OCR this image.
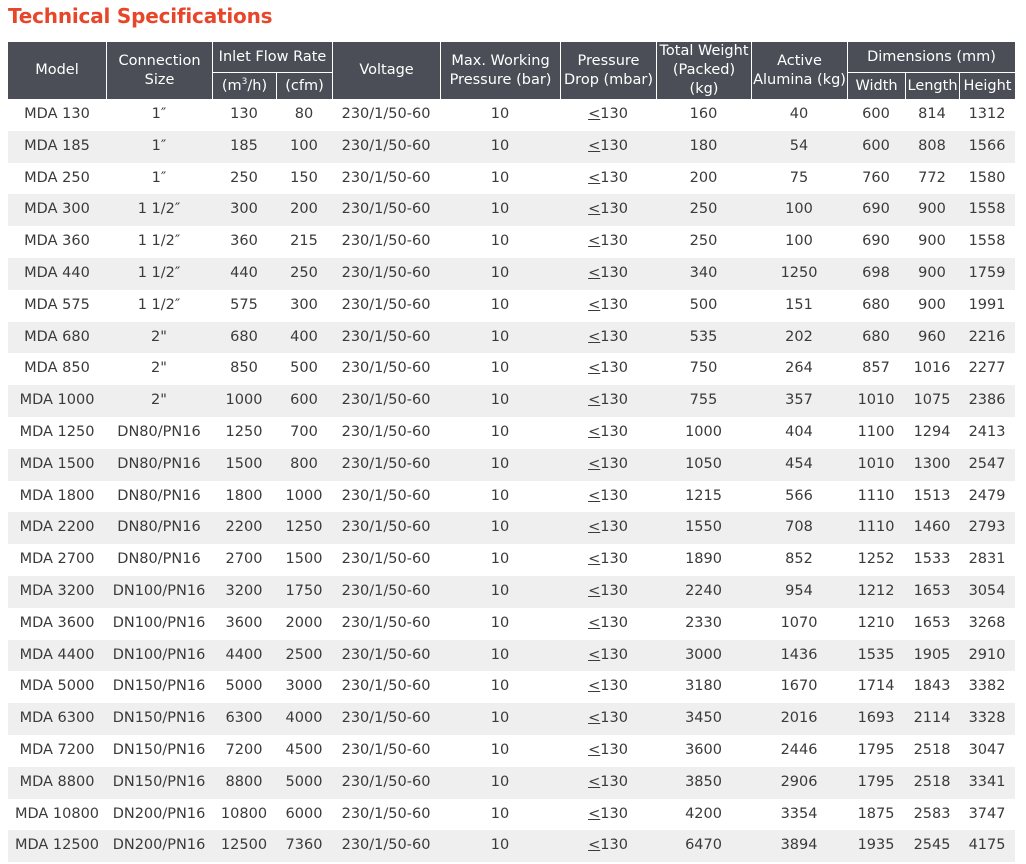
Technical Specifications
Model	Connection Size	Inlet Flow Rate		Voltage	Max. Working Pressure (bar)	Pressure Drop (mbar)	Total Weight (Packed) (kg)	Active Alumina (kg)	Dimensions (mm)		
		$(m^3/h)$	(cfm)						Width	Length	Height
MDA 130	1″	130	80	230/1/50-60	10	≤130	160	40	600	814	1312
MDA 185	1″	185	100	230/1/50-60	10	≤130	180	54	600	808	1566
MDA 250	1″	250	150	230/1/50-60	10	≤130	200	75	760	772	1580
MDA 300	1 1/2″	300	200	230/1/50-60	10	≤130	250	100	690	900	1558
MDA 360	1 1/2″	360	215	230/1/50-60	10	≤130	250	100	690	900	1558
MDA 440	1 1/2″	440	250	230/1/50-60	10	≤130	340	1250	698	900	1759
MDA 575	1 1/2″	575	300	230/1/50-60	10	≤130	500	151	680	900	1991
MDA 680	2"	680	400	230/1/50-60	10	≤130	535	202	680	960	2216
MDA 850	2"	850	500	230/1/50-60	10	≤130	750	264	857	1016	2277
MDA 1000	2"	1000	600	230/1/50-60	10	≤130	755	357	1010	1075	2386
MDA 1250	DN80/PN16	1250	700	230/1/50-60	10	≤130	1000	404	1100	1294	2413
MDA 1500	DN80/PN16	1500	800	230/1/50-60	10	≤130	1050	454	1010	1300	2547
MDA 1800	DN80/PN16	1800	1000	230/1/50-60	10	≤130	1215	566	1110	1513	2479
MDA 2200	DN80/PN16	2200	1250	230/1/50-60	10	≤130	1550	708	1110	1460	2793
MDA 2700	DN80/PN16	2700	1500	230/1/50-60	10	≤130	1890	852	1252	1533	2831
MDA 3200	DN100/PN16	3200	1750	230/1/50-60	10	≤130	2240	954	1212	1653	3054
MDA 3600	DN100/PN16	3600	2000	230/1/50-60	10	≤130	2330	1070	1210	1653	3268
MDA 4400	DN100/PN16	4400	2500	230/1/50-60	10	≤130	3000	1436	1535	1905	2910
MDA 5000	DN150/PN16	5000	3000	230/1/50-60	10	≤130	3180	1670	1714	1843	3382
MDA 6300	DN150/PN16	6300	4000	230/1/50-60	10	≤130	3450	2016	1693	2114	3328
MDA 7200	DN150/PN16	7200	4500	230/1/50-60	10	≤130	3600	2446	1795	2518	3047
MDA 8800	DN150/PN16	8800	5000	230/1/50-60	10	≤130	3850	2906	1795	2518	3341
MDA 10800	DN200/PN16	10800	6000	230/1/50-60	10	≤130	4200	3354	1875	2583	3747
MDA 12500	DN200/PN16	12500	7360	230/1/50-60	10	≤130	6470	3894	1935	2545	4175
